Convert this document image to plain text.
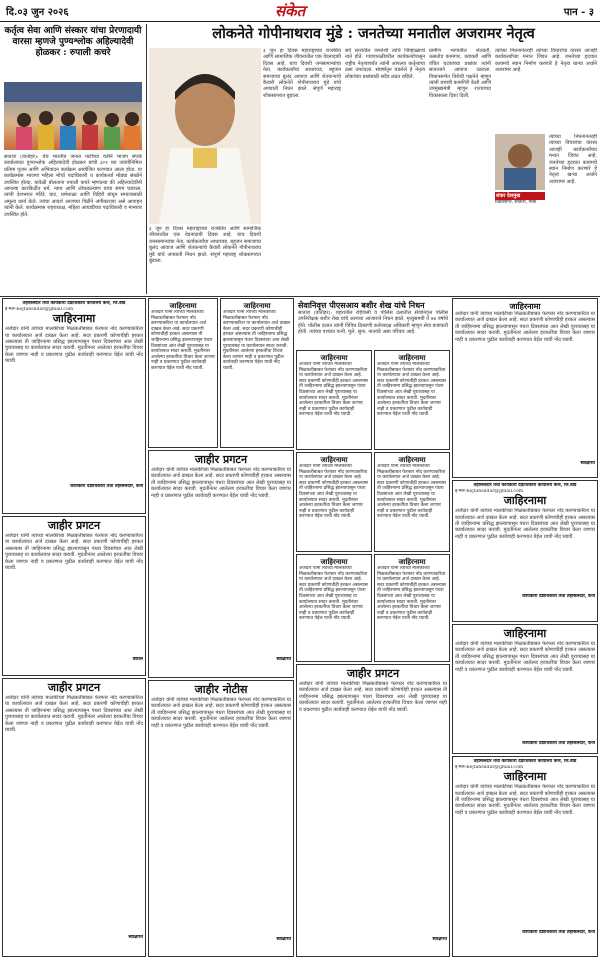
दि.०३ जुन २०२६	संकेत	पान - ३
कर्तृत्व सेवा आणि संस्कार यांचा प्रेरणादायी वारसा म्हणजे पुण्यश्लोक अहिल्यादेवी होळकर : रुपाली कचरे
सातारा (वार्ताहर): येथे भारतीय जनता पार्टीच्या वतीने भाजप संपर्क कार्यालयात पुण्यश्लोक अहिल्यादेवी होळकर यांची ३०१ व्या जयंतीनिमित्त प्रतिमा पूजन आणि अभिवादन कार्यक्रम आयोजित करण्यात आला होता. या कार्यक्रमास भाजपा महिला मोर्चा पदाधिकारी व कार्यकर्त्या मोठ्या संख्येने उपस्थित होत्या. यावेळी बोलताना रुपाली कचरे म्हणाल्या की अहिल्यादेवींनी आपल्या कारकिर्दीत धर्म, न्याय आणि लोककल्याण यांचा संगम घडवला. त्यांनी देशभरात मंदिरे, घाट, धर्मशाळा आणि विहिरी बांधून समाजासाठी अमूल्य कार्य केले. त्यांचा आदर्श आजच्या पिढीने अंगीकारावा असे आवाहन त्यांनी केले. कार्यक्रमास शहराध्यक्ष, महिला आघाडीच्या पदाधिकारी व मान्यवर उपस्थित होते.
लोकनेते गोपीनाथराव मुंडे : जनतेच्या मनातील अजरामर नेतृत्व
३ जून हा दिवस महाराष्ट्राच्या राजकीय आणि सामाजिक जीवनातील एक वेदनादायी दिवस आहे. याच दिवशी जनसामान्यांचा नेता, कार्यकर्त्यांचा आधारवड, बहुजन समाजाचा बुलंद आवाज आणि शेतकऱ्यांचे कैवारी लोकनेते गोपीनाथराव मुंडे यांचे अपघाती निधन झाले. संपूर्ण महाराष्ट्र शोकसागरात बुडाला.
सर्व स्तरांतील जनतेशी त्यांचे जिव्हाळ्याचे नाते होते. गावपातळीवरील कार्यकर्त्यापासून राष्ट्रीय नेतृत्वापर्यंत त्यांनी आपल्या कर्तृत्वाचा ठसा उमटवला. संघर्षातून घडलेले हे नेतृत्व लोकांच्या प्रश्नांसाठी सदैव लढत राहिले.
ग्रामीण भागातील शेतकरी, ऊसतोड कामगार, कष्टकरी आणि वंचित घटकांच्या प्रश्नांवर त्यांनी सातत्याने आवाज उठवला. विधानसभेत विरोधी पक्षनेते म्हणून त्यांनी प्रभावी कामगिरी केली आणि उपमुख्यमंत्री म्हणून राज्याच्या विकासाला दिशा दिली.
त्यांच्या निधनानंतरही त्यांच्या विचारांचा वारसा आजही कार्यकर्त्यांच्या मनात जिवंत आहे. जनतेच्या हृदयात कायमचे स्थान निर्माण करणारे हे नेतृत्व खऱ्या अर्थाने अजरामर आहे.
शंकर देशमुख
विद्यासागर, सातारा, मोबा
त्यांच्या निधनानंतरही त्यांच्या विचारांचा वारसा आजही कार्यकर्त्यांच्या मनात जिवंत आहे. जनतेच्या हृदयात कायमचे स्थान निर्माण करणारे हे नेतृत्व खऱ्या अर्थाने अजरामर आहे.
३ जून हा दिवस महाराष्ट्राच्या राजकीय आणि सामाजिक जीवनातील एक वेदनादायी दिवस आहे. याच दिवशी जनसामान्यांचा नेता, कार्यकर्त्यांचा आधारवड, बहुजन समाजाचा बुलंद आवाज आणि शेतकऱ्यांचे कैवारी लोकनेते गोपीनाथराव मुंडे यांचे अपघाती निधन झाले. संपूर्ण महाराष्ट्र शोकसागरात बुडाला.
तहसिलदार तथा कार्यकारी दंडाधिकारी कार्यालय केज, जि.बीड
ई-मेल-Kejtahsildar@gmail.com
जाहिरनामा
अर्जदार यांनी त्यांच्या मालकीच्या मिळकतीबाबत फेरफार नोंद करण्याकरिता या कार्यालयात अर्ज दाखल केला आहे. सदर प्रकरणी कोणाचीही हरकत असल्यास ती जाहिरनामा प्रसिद्ध झाल्यापासून पंधरा दिवसांच्या आत लेखी पुराव्यासह या कार्यालयात सादर करावी. मुदतीनंतर आलेल्या हरकतींचा विचार केला जाणार नाही व प्रकरणात पुढील कार्यवाही करण्यात येईल याची नोंद घ्यावी.
कार्यकारी दंडाधिकारी तथा तहसिलदार, केज
जाहीर प्रगटन
अर्जदार यांनी त्यांच्या मालकीच्या मिळकतीबाबत फेरफार नोंद करण्याकरिता या कार्यालयात अर्ज दाखल केला आहे. सदर प्रकरणी कोणाचीही हरकत असल्यास ती जाहिरनामा प्रसिद्ध झाल्यापासून पंधरा दिवसांच्या आत लेखी पुराव्यासह या कार्यालयात सादर करावी. मुदतीनंतर आलेल्या हरकतींचा विचार केला जाणार नाही व प्रकरणात पुढील कार्यवाही करण्यात येईल याची नोंद घ्यावी.
वकील
जाहीर प्रगटन
अर्जदार यांनी त्यांच्या मालकीच्या मिळकतीबाबत फेरफार नोंद करण्याकरिता या कार्यालयात अर्ज दाखल केला आहे. सदर प्रकरणी कोणाचीही हरकत असल्यास ती जाहिरनामा प्रसिद्ध झाल्यापासून पंधरा दिवसांच्या आत लेखी पुराव्यासह या कार्यालयात सादर करावी. मुदतीनंतर आलेल्या हरकतींचा विचार केला जाणार नाही व प्रकरणात पुढील कार्यवाही करण्यात येईल याची नोंद घ्यावी.
स्वाक्षरित
जाहिरनामा
अर्जदार यांनी त्यांच्या मालकीच्या मिळकतीबाबत फेरफार नोंद करण्याकरिता या कार्यालयात अर्ज दाखल केला आहे. सदर प्रकरणी कोणाचीही हरकत असल्यास ती जाहिरनामा प्रसिद्ध झाल्यापासून पंधरा दिवसांच्या आत लेखी पुराव्यासह या कार्यालयात सादर करावी. मुदतीनंतर आलेल्या हरकतींचा विचार केला जाणार नाही व प्रकरणात पुढील कार्यवाही करण्यात येईल याची नोंद घ्यावी.
जाहिरनामा
अर्जदार यांनी त्यांच्या मालकीच्या मिळकतीबाबत फेरफार नोंद करण्याकरिता या कार्यालयात अर्ज दाखल केला आहे. सदर प्रकरणी कोणाचीही हरकत असल्यास ती जाहिरनामा प्रसिद्ध झाल्यापासून पंधरा दिवसांच्या आत लेखी पुराव्यासह या कार्यालयात सादर करावी. मुदतीनंतर आलेल्या हरकतींचा विचार केला जाणार नाही व प्रकरणात पुढील कार्यवाही करण्यात येईल याची नोंद घ्यावी.
जाहीर प्रगटन
अर्जदार यांनी त्यांच्या मालकीच्या मिळकतीबाबत फेरफार नोंद करण्याकरिता या कार्यालयात अर्ज दाखल केला आहे. सदर प्रकरणी कोणाचीही हरकत असल्यास ती जाहिरनामा प्रसिद्ध झाल्यापासून पंधरा दिवसांच्या आत लेखी पुराव्यासह या कार्यालयात सादर करावी. मुदतीनंतर आलेल्या हरकतींचा विचार केला जाणार नाही व प्रकरणात पुढील कार्यवाही करण्यात येईल याची नोंद घ्यावी.
स्वाक्षरित
जाहीर नोटीस
अर्जदार यांनी त्यांच्या मालकीच्या मिळकतीबाबत फेरफार नोंद करण्याकरिता या कार्यालयात अर्ज दाखल केला आहे. सदर प्रकरणी कोणाचीही हरकत असल्यास ती जाहिरनामा प्रसिद्ध झाल्यापासून पंधरा दिवसांच्या आत लेखी पुराव्यासह या कार्यालयात सादर करावी. मुदतीनंतर आलेल्या हरकतींचा विचार केला जाणार नाही व प्रकरणात पुढील कार्यवाही करण्यात येईल याची नोंद घ्यावी.
स्वाक्षरित
सेवानिवृत्त पीएसआय बशीर शेख यांचे निधन
सातारा (वार्ताहर): शहरातील रहिवासी व पोलिस दलातील सेवानिवृत्त पोलीस उपनिरीक्षक बशीर शेख यांचे अल्पशा आजाराने निधन झाले. मृत्युसमयी ते ७४ वर्षांचे होते. पोलीस दलात त्यांनी विविध ठिकाणी कर्तव्यदक्ष अधिकारी म्हणून सेवा बजावली होती. त्यांच्या पश्चात पत्नी, मुले, सुना, नातवंडे असा परिवार आहे.
जाहिरनामा
अर्जदार यांनी त्यांच्या मालकीच्या मिळकतीबाबत फेरफार नोंद करण्याकरिता या कार्यालयात अर्ज दाखल केला आहे. सदर प्रकरणी कोणाचीही हरकत असल्यास ती जाहिरनामा प्रसिद्ध झाल्यापासून पंधरा दिवसांच्या आत लेखी पुराव्यासह या कार्यालयात सादर करावी. मुदतीनंतर आलेल्या हरकतींचा विचार केला जाणार नाही व प्रकरणात पुढील कार्यवाही करण्यात येईल याची नोंद घ्यावी.
जाहिरनामा
अर्जदार यांनी त्यांच्या मालकीच्या मिळकतीबाबत फेरफार नोंद करण्याकरिता या कार्यालयात अर्ज दाखल केला आहे. सदर प्रकरणी कोणाचीही हरकत असल्यास ती जाहिरनामा प्रसिद्ध झाल्यापासून पंधरा दिवसांच्या आत लेखी पुराव्यासह या कार्यालयात सादर करावी. मुदतीनंतर आलेल्या हरकतींचा विचार केला जाणार नाही व प्रकरणात पुढील कार्यवाही करण्यात येईल याची नोंद घ्यावी.
जाहिरनामा
अर्जदार यांनी त्यांच्या मालकीच्या मिळकतीबाबत फेरफार नोंद करण्याकरिता या कार्यालयात अर्ज दाखल केला आहे. सदर प्रकरणी कोणाचीही हरकत असल्यास ती जाहिरनामा प्रसिद्ध झाल्यापासून पंधरा दिवसांच्या आत लेखी पुराव्यासह या कार्यालयात सादर करावी. मुदतीनंतर आलेल्या हरकतींचा विचार केला जाणार नाही व प्रकरणात पुढील कार्यवाही करण्यात येईल याची नोंद घ्यावी.
जाहिरनामा
अर्जदार यांनी त्यांच्या मालकीच्या मिळकतीबाबत फेरफार नोंद करण्याकरिता या कार्यालयात अर्ज दाखल केला आहे. सदर प्रकरणी कोणाचीही हरकत असल्यास ती जाहिरनामा प्रसिद्ध झाल्यापासून पंधरा दिवसांच्या आत लेखी पुराव्यासह या कार्यालयात सादर करावी. मुदतीनंतर आलेल्या हरकतींचा विचार केला जाणार नाही व प्रकरणात पुढील कार्यवाही करण्यात येईल याची नोंद घ्यावी.
जाहिरनामा
अर्जदार यांनी त्यांच्या मालकीच्या मिळकतीबाबत फेरफार नोंद करण्याकरिता या कार्यालयात अर्ज दाखल केला आहे. सदर प्रकरणी कोणाचीही हरकत असल्यास ती जाहिरनामा प्रसिद्ध झाल्यापासून पंधरा दिवसांच्या आत लेखी पुराव्यासह या कार्यालयात सादर करावी. मुदतीनंतर आलेल्या हरकतींचा विचार केला जाणार नाही व प्रकरणात पुढील कार्यवाही करण्यात येईल याची नोंद घ्यावी.
जाहिरनामा
अर्जदार यांनी त्यांच्या मालकीच्या मिळकतीबाबत फेरफार नोंद करण्याकरिता या कार्यालयात अर्ज दाखल केला आहे. सदर प्रकरणी कोणाचीही हरकत असल्यास ती जाहिरनामा प्रसिद्ध झाल्यापासून पंधरा दिवसांच्या आत लेखी पुराव्यासह या कार्यालयात सादर करावी. मुदतीनंतर आलेल्या हरकतींचा विचार केला जाणार नाही व प्रकरणात पुढील कार्यवाही करण्यात येईल याची नोंद घ्यावी.
जाहीर प्रगटन
अर्जदार यांनी त्यांच्या मालकीच्या मिळकतीबाबत फेरफार नोंद करण्याकरिता या कार्यालयात अर्ज दाखल केला आहे. सदर प्रकरणी कोणाचीही हरकत असल्यास ती जाहिरनामा प्रसिद्ध झाल्यापासून पंधरा दिवसांच्या आत लेखी पुराव्यासह या कार्यालयात सादर करावी. मुदतीनंतर आलेल्या हरकतींचा विचार केला जाणार नाही व प्रकरणात पुढील कार्यवाही करण्यात येईल याची नोंद घ्यावी.
स्वाक्षरित
जाहिरनामा
अर्जदार यांनी त्यांच्या मालकीच्या मिळकतीबाबत फेरफार नोंद करण्याकरिता या कार्यालयात अर्ज दाखल केला आहे. सदर प्रकरणी कोणाचीही हरकत असल्यास ती जाहिरनामा प्रसिद्ध झाल्यापासून पंधरा दिवसांच्या आत लेखी पुराव्यासह या कार्यालयात सादर करावी. मुदतीनंतर आलेल्या हरकतींचा विचार केला जाणार नाही व प्रकरणात पुढील कार्यवाही करण्यात येईल याची नोंद घ्यावी.
स्वाक्षरित
तहसिलदार तथा कार्यकारी दंडाधिकारी कार्यालय केज, जि.बीड
ई-मेल-Kejtahsildar@gmail.com
जाहिरनामा
अर्जदार यांनी त्यांच्या मालकीच्या मिळकतीबाबत फेरफार नोंद करण्याकरिता या कार्यालयात अर्ज दाखल केला आहे. सदर प्रकरणी कोणाचीही हरकत असल्यास ती जाहिरनामा प्रसिद्ध झाल्यापासून पंधरा दिवसांच्या आत लेखी पुराव्यासह या कार्यालयात सादर करावी. मुदतीनंतर आलेल्या हरकतींचा विचार केला जाणार नाही व प्रकरणात पुढील कार्यवाही करण्यात येईल याची नोंद घ्यावी.
कार्यकारी दंडाधिकारी तथा तहसिलदार, केज
जाहिरनामा
अर्जदार यांनी त्यांच्या मालकीच्या मिळकतीबाबत फेरफार नोंद करण्याकरिता या कार्यालयात अर्ज दाखल केला आहे. सदर प्रकरणी कोणाचीही हरकत असल्यास ती जाहिरनामा प्रसिद्ध झाल्यापासून पंधरा दिवसांच्या आत लेखी पुराव्यासह या कार्यालयात सादर करावी. मुदतीनंतर आलेल्या हरकतींचा विचार केला जाणार नाही व प्रकरणात पुढील कार्यवाही करण्यात येईल याची नोंद घ्यावी.
कार्यकारी दंडाधिकारी तथा तहसिलदार, केज
तहसिलदार तथा कार्यकारी दंडाधिकारी कार्यालय केज, जि.बीड
ई-मेल-Kejtahsildar@gmail.com
जाहिरनामा
अर्जदार यांनी त्यांच्या मालकीच्या मिळकतीबाबत फेरफार नोंद करण्याकरिता या कार्यालयात अर्ज दाखल केला आहे. सदर प्रकरणी कोणाचीही हरकत असल्यास ती जाहिरनामा प्रसिद्ध झाल्यापासून पंधरा दिवसांच्या आत लेखी पुराव्यासह या कार्यालयात सादर करावी. मुदतीनंतर आलेल्या हरकतींचा विचार केला जाणार नाही व प्रकरणात पुढील कार्यवाही करण्यात येईल याची नोंद घ्यावी.
कार्यकारी दंडाधिकारी तथा तहसिलदार, केज
